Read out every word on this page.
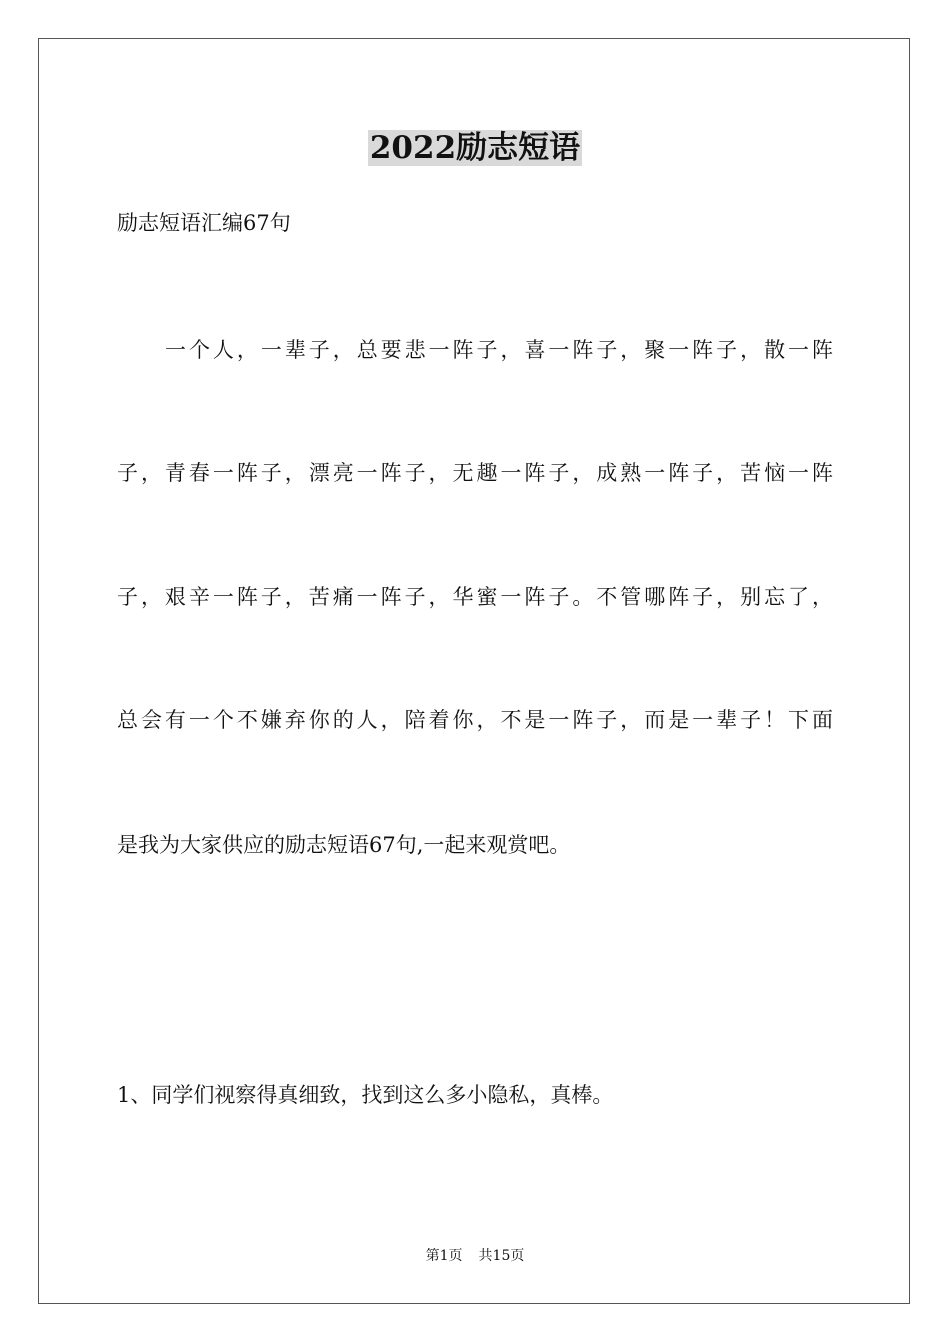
2022励志短语

励志短语汇编67句

一个人，一辈子，总要悲一阵子，喜一阵子，聚一阵子，散一阵

子，青春一阵子，漂亮一阵子，无趣一阵子，成熟一阵子，苦恼一阵

子，艰辛一阵子，苦痛一阵子，华蜜一阵子。不管哪阵子，别忘了，

总会有一个不嫌弃你的人，陪着你，不是一阵子，而是一辈子！下面

是我为大家供应的励志短语67句,一起来观赏吧。

1、同学们视察得真细致，找到这么多小隐私，真棒。

第1页 共15页
